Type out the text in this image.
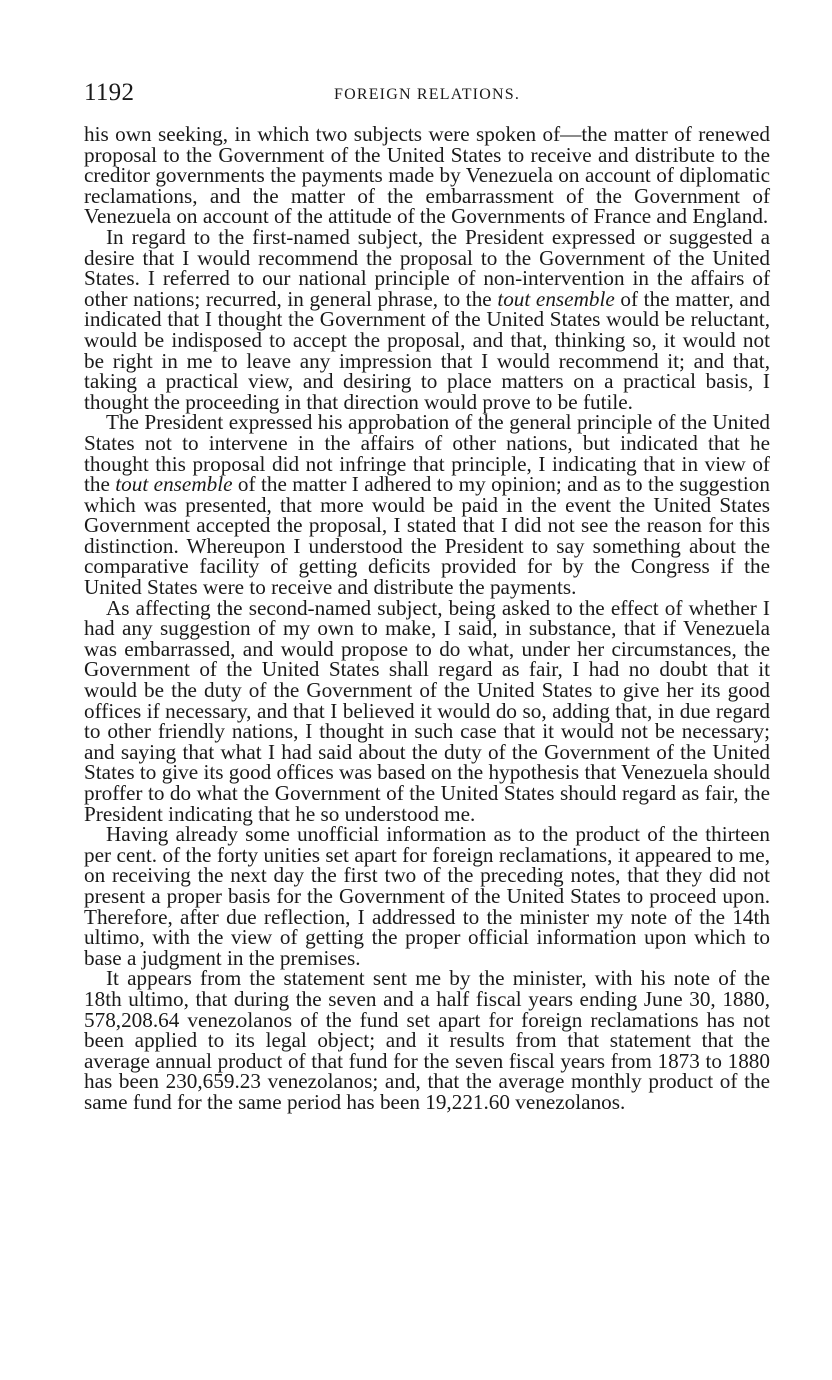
1192	FOREIGN RELATIONS.

his own seeking, in which two subjects were spoken of—the matter of renewed proposal to the Government of the United States to receive and distribute to the creditor governments the payments made by Venezuela on account of diplomatic reclamations, and the matter of the embarrassment of the Government of Venezuela on account of the attitude of the Governments of France and England.

In regard to the first-named subject, the President expressed or suggested a desire that I would recommend the proposal to the Government of the United States. I referred to our national principle of non-intervention in the affairs of other nations; recurred, in general phrase, to the tout ensemble of the matter, and indicated that I thought the Government of the United States would be reluctant, would be indisposed to accept the proposal, and that, thinking so, it would not be right in me to leave any impression that I would recommend it; and that, taking a practical view, and desiring to place matters on a practical basis, I thought the proceeding in that direction would prove to be futile.

The President expressed his approbation of the general principle of the United States not to intervene in the affairs of other nations, but indicated that he thought this proposal did not infringe that principle, I indicating that in view of the tout ensemble of the matter I adhered to my opinion; and as to the suggestion which was presented, that more would be paid in the event the United States Government accepted the proposal, I stated that I did not see the reason for this distinction. Whereupon I understood the President to say something about the comparative facility of getting deficits provided for by the Congress if the United States were to receive and distribute the payments.

As affecting the second-named subject, being asked to the effect of whether I had any suggestion of my own to make, I said, in substance, that if Venezuela was embarrassed, and would propose to do what, under her circumstances, the Government of the United States shall regard as fair, I had no doubt that it would be the duty of the Government of the United States to give her its good offices if necessary, and that I believed it would do so, adding that, in due regard to other friendly nations, I thought in such case that it would not be necessary; and saying that what I had said about the duty of the Government of the United States to give its good offices was based on the hypothesis that Venezuela should proffer to do what the Government of the United States should regard as fair, the President indicating that he so understood me.

Having already some unofficial information as to the product of the thirteen per cent. of the forty unities set apart for foreign reclamations, it appeared to me, on receiving the next day the first two of the preceding notes, that they did not present a proper basis for the Government of the United States to proceed upon. Therefore, after due reflection, I addressed to the minister my note of the 14th ultimo, with the view of getting the proper official information upon which to base a judgment in the premises.

It appears from the statement sent me by the minister, with his note of the 18th ultimo, that during the seven and a half fiscal years ending June 30, 1880, 578,208.64 venezolanos of the fund set apart for foreign reclamations has not been applied to its legal object; and it results from that statement that the average annual product of that fund for the seven fiscal years from 1873 to 1880 has been 230,659.23 venezolanos; and, that the average monthly product of the same fund for the same period has been 19,221.60 venezolanos.
